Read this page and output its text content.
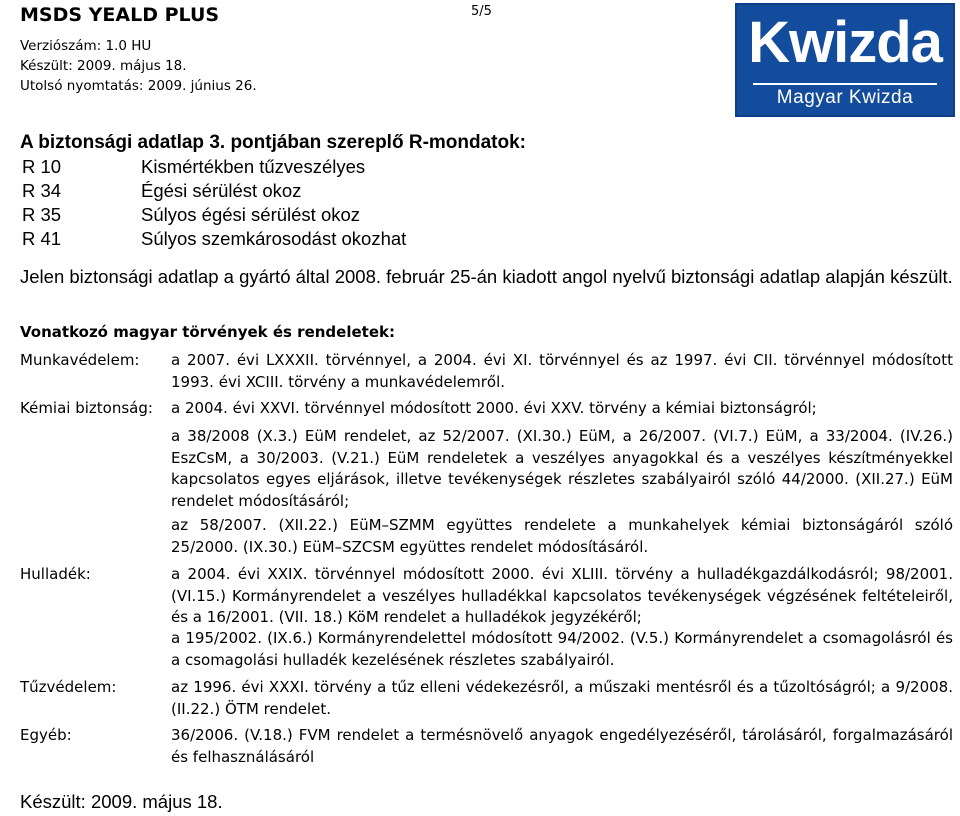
MSDS YEALD PLUS
Verziószám: 1.0 HU
Készült: 2009. május 18.
Utolsó nyomtatás: 2009. június 26.
5/5	Kwizda
Magyar Kwizda
A biztonsági adatlap 3. pontjában szereplő R-mondatok:
R 10	Kismértékben tűzveszélyes
R 34	Égési sérülést okoz
R 35	Súlyos égési sérülést okoz
R 41	Súlyos szemkárosodást okozhat
Jelen biztonsági adatlap a gyártó által 2008. február 25-án kiadott angol nyelvű biztonsági adatlap alapján készült.
Vonatkozó magyar törvények és rendeletek:
Munkavédelem: a 2007. évi LXXXII. törvénnyel, a 2004. évi XI. törvénnyel és az 1997. évi CII. törvénnyel módosított 1993. évi XCIII. törvény a munkavédelemről.
Kémiai biztonság: a 2004. évi XXVI. törvénnyel módosított 2000. évi XXV. törvény a kémiai biztonságról;
a 38/2008 (X.3.) EüM rendelet, az 52/2007. (XI.30.) EüM, a 26/2007. (VI.7.) EüM, a 33/2004. (IV.26.) EszCsM, a 30/2003. (V.21.) EüM rendeletek a veszélyes anyagokkal és a veszélyes készítményekkel kapcsolatos egyes eljárások, illetve tevékenységek részletes szabályairól szóló 44/2000. (XII.27.) EüM rendelet módosításáról;
az 58/2007. (XII.22.) EüM–SZMM együttes rendelete a munkahelyek kémiai biztonságáról szóló 25/2000. (IX.30.) EüM–SZCSM együttes rendelet módosításáról.
Hulladék:	a 2004. évi XXIX. törvénnyel módosított 2000. évi XLIII. törvény a hulladékgazdálkodásról; 98/2001.(VI.15.) Kormányrendelet a veszélyes hulladékkal kapcsolatos tevékenységek végzésének feltételeiről, és a 16/2001. (VII. 18.) KöM rendelet a hulladékok jegyzékéről;
a 195/2002. (IX.6.) Kormányrendelettel módosított 94/2002. (V.5.) Kormányrendelet a csomagolásról és a csomagolási hulladék kezelésének részletes szabályairól.
Tűzvédelem:	az 1996. évi XXXI. törvény a tűz elleni védekezésről, a műszaki mentésről és a tűzoltóságról; a 9/2008. (II.22.) ÖTM rendelet.
Egyéb:	36/2006. (V.18.) FVM rendelet a termésnövelő anyagok engedélyezéséről, tárolásáról, forgalmazásáról és felhasználásáról
Készült: 2009. május 18.
